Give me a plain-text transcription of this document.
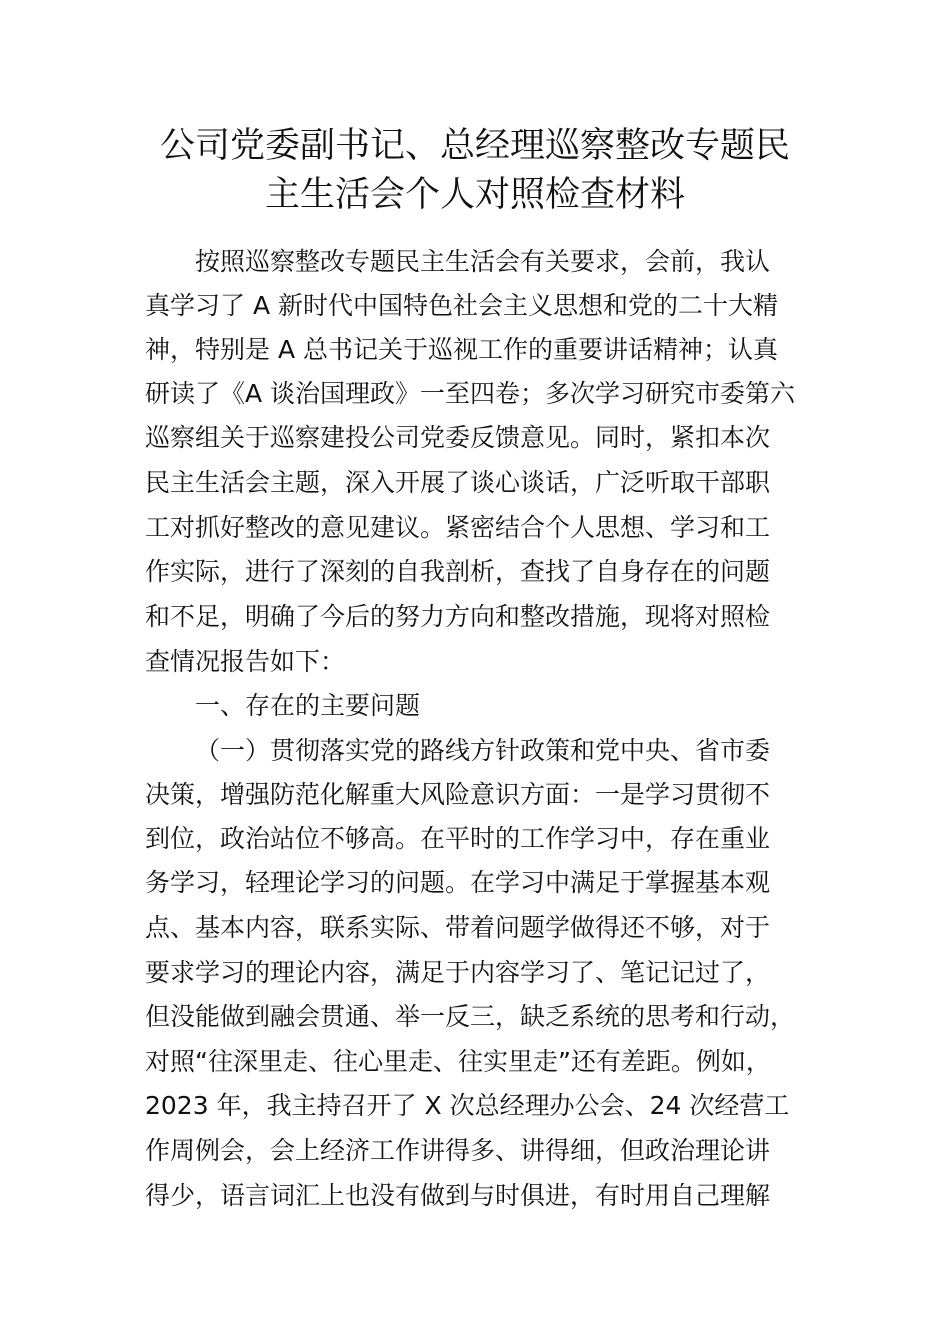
公司党委副书记、总经理巡察整改专题民
主生活会个人对照检查材料

按照巡察整改专题民主生活会有关要求，会前，我认

真学习了 A 新时代中国特色社会主义思想和党的二十大精

神，特别是 A 总书记关于巡视工作的重要讲话精神；认真

研读了《A 谈治国理政》一至四卷；多次学习研究市委第六

巡察组关于巡察建投公司党委反馈意见。同时，紧扣本次

民主生活会主题，深入开展了谈心谈话，广泛听取干部职

工对抓好整改的意见建议。紧密结合个人思想、学习和工

作实际，进行了深刻的自我剖析，查找了自身存在的问题

和不足，明确了今后的努力方向和整改措施，现将对照检

查情况报告如下：

一、存在的主要问题

（一）贯彻落实党的路线方针政策和党中央、省市委

决策，增强防范化解重大风险意识方面：一是学习贯彻不

到位，政治站位不够高。在平时的工作学习中，存在重业

务学习，轻理论学习的问题。在学习中满足于掌握基本观

点、基本内容，联系实际、带着问题学做得还不够，对于

要求学习的理论内容，满足于内容学习了、笔记记过了，

但没能做到融会贯通、举一反三，缺乏系统的思考和行动，

对照“往深里走、往心里走、往实里走”还有差距。例如，

2023 年，我主持召开了 X 次总经理办公会、24 次经营工

作周例会，会上经济工作讲得多、讲得细，但政治理论讲

得少，语言词汇上也没有做到与时俱进，有时用自己理解
